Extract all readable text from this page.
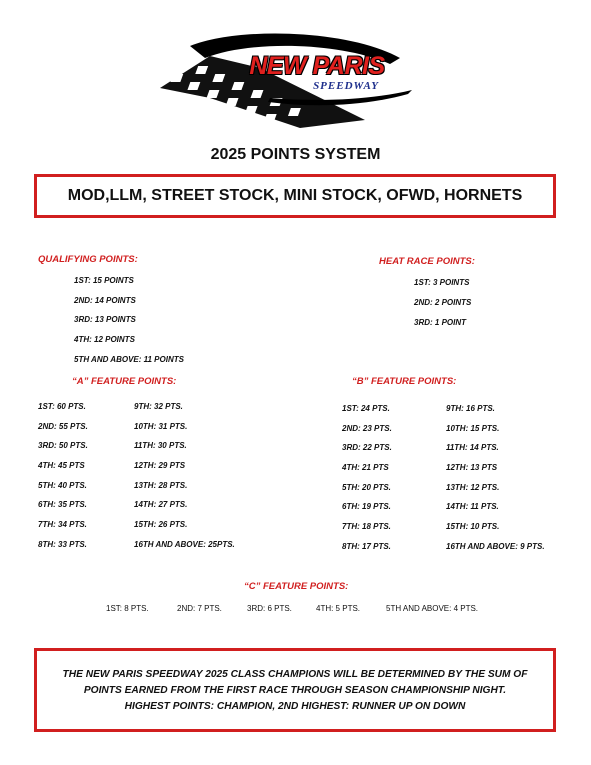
NEW PARIS
SPEEDWAY
2025 POINTS SYSTEM
MOD,LLM, STREET STOCK, MINI STOCK, OFWD, HORNETS
QUALIFYING POINTS:
1ST: 15 POINTS
2ND: 14 POINTS
3RD: 13 POINTS
4TH: 12 POINTS
5TH AND ABOVE: 11 POINTS
HEAT RACE POINTS:
1ST: 3 POINTS
2ND: 2 POINTS
3RD: 1 POINT
“A” FEATURE POINTS:
1ST: 60 PTS.
2ND: 55 PTS.
3RD: 50 PTS.
4TH: 45 PTS
5TH: 40 PTS.
6TH: 35 PTS.
7TH: 34 PTS.
8TH: 33 PTS.
9TH: 32 PTS.
10TH: 31 PTS.
11TH: 30 PTS.
12TH: 29 PTS
13TH: 28 PTS.
14TH: 27 PTS.
15TH: 26 PTS.
16TH AND ABOVE: 25PTS.
“B” FEATURE POINTS:
1ST: 24 PTS.
2ND: 23 PTS.
3RD: 22 PTS.
4TH: 21 PTS
5TH: 20 PTS.
6TH: 19 PTS.
7TH: 18 PTS.
8TH: 17 PTS.
9TH: 16 PTS.
10TH: 15 PTS.
11TH: 14 PTS.
12TH: 13 PTS
13TH: 12 PTS.
14TH: 11 PTS.
15TH: 10 PTS.
16TH AND ABOVE: 9 PTS.
“C” FEATURE POINTS:
1ST: 8 PTS.	2ND: 7 PTS.	3RD: 6 PTS.	4TH: 5 PTS.	5TH AND ABOVE: 4 PTS.
THE NEW PARIS SPEEDWAY 2025 CLASS CHAMPIONS WILL BE DETERMINED BY THE SUM OF
POINTS EARNED FROM THE FIRST RACE THROUGH SEASON CHAMPIONSHIP NIGHT.
HIGHEST POINTS: CHAMPION, 2ND HIGHEST: RUNNER UP ON DOWN
